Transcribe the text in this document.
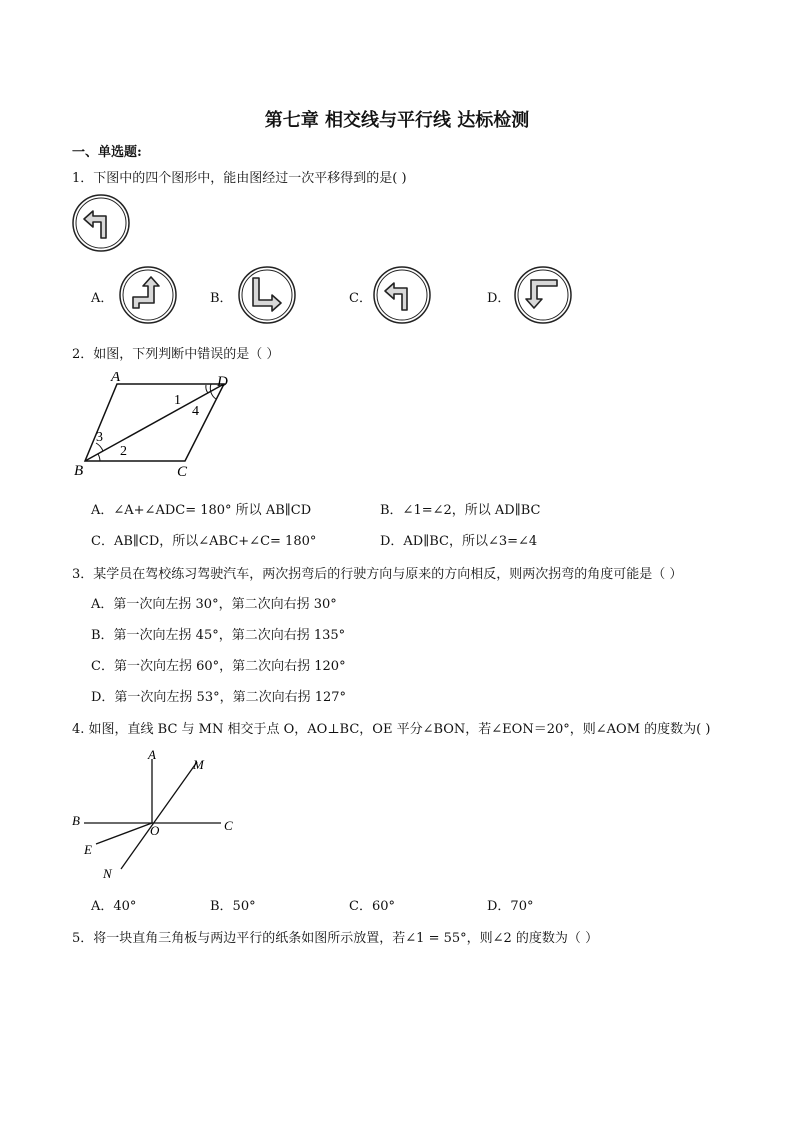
第七章 相交线与平行线 达标检测
一、单选题:
1．下图中的四个图形中，能由图经过一次平移得到的是( )
A．	B．	C．	D．
2．如图，下列判断中错误的是（ ）
A	D
B	C
1
4
3
2
A．∠A+∠ADC= 180° 所以 AB∥CD	B．∠1=∠2，所以 AD∥BC
C．AB∥CD，所以∠ABC+∠C= 180°	D．AD∥BC，所以∠3=∠4
3．某学员在驾校练习驾驶汽车，两次拐弯后的行驶方向与原来的方向相反，则两次拐弯的角度可能是（ ）
A．第一次向左拐 30°，第二次向右拐 30°
B．第一次向左拐 45°，第二次向右拐 135°
C．第一次向左拐 60°，第二次向右拐 120°
D．第一次向左拐 53°，第二次向右拐 127°
4. 如图，直线 BC 与 MN 相交于点 O，AO⊥BC，OE 平分∠BON，若∠EON＝20°，则∠AOM 的度数为( )
A
M
B
O	C
E
N
A．40°	B．50°	C．60°	D．70°
5．将一块直角三角板与两边平行的纸条如图所示放置，若∠1 = 55°，则∠2 的度数为（ ）
